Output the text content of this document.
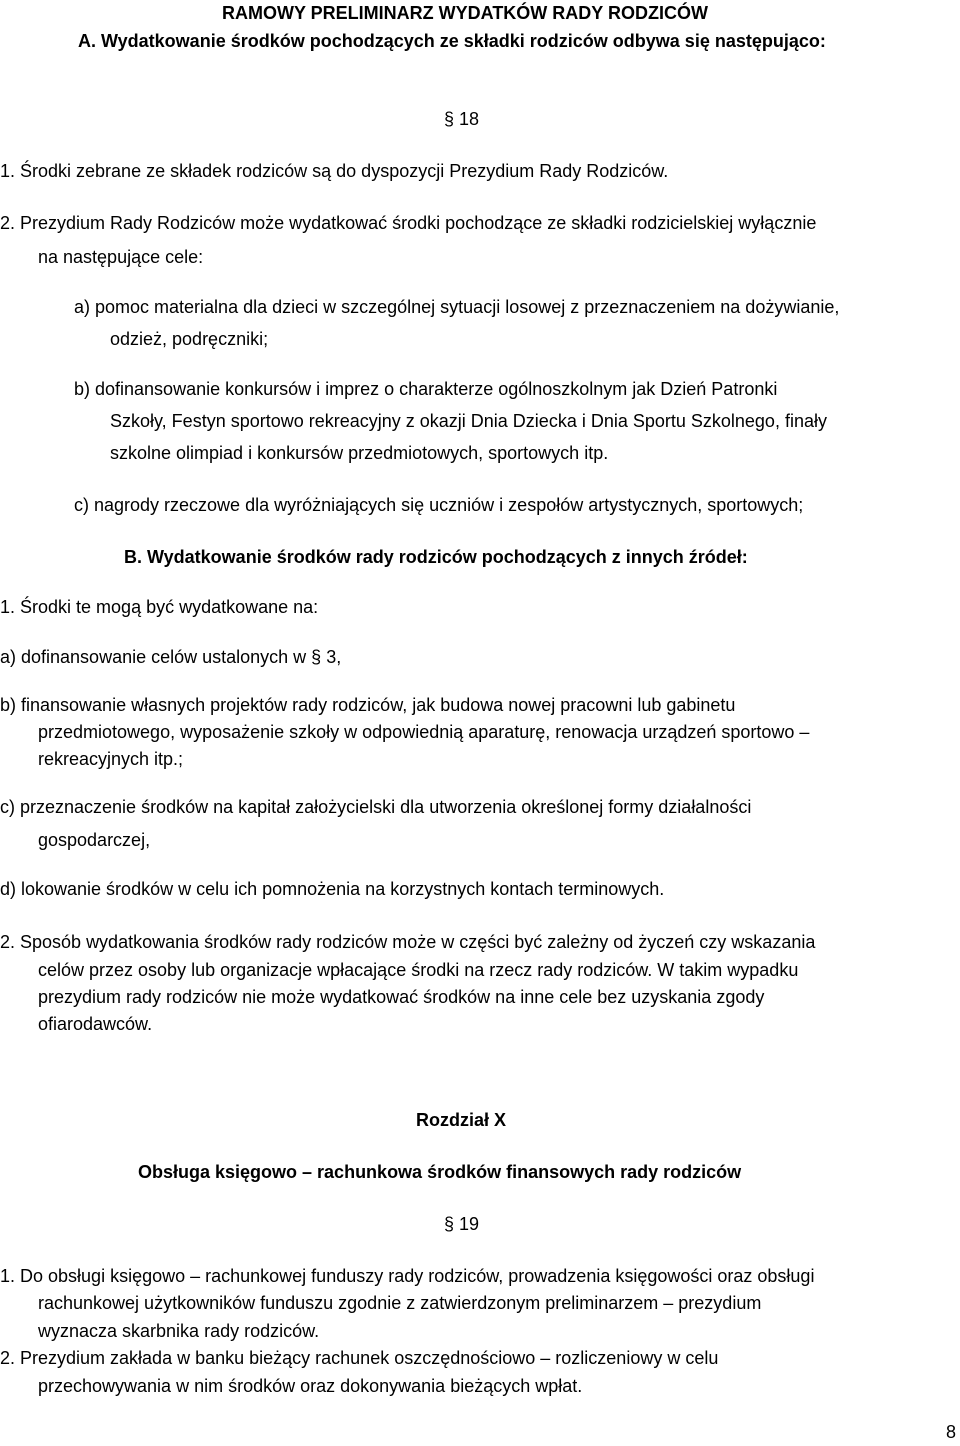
RAMOWY PRELIMINARZ WYDATKÓW RADY RODZICÓW
A. Wydatkowanie środków pochodzących ze składki rodziców odbywa się następująco:
§ 18
1. Środki zebrane ze składek rodziców są do dyspozycji Prezydium Rady Rodziców.
2. Prezydium Rady Rodziców może wydatkować środki pochodzące ze składki rodzicielskiej wyłącznie
na następujące cele:
a) pomoc materialna dla dzieci w szczególnej sytuacji losowej z przeznaczeniem na dożywianie,
odzież, podręczniki;
b) dofinansowanie konkursów i imprez o charakterze ogólnoszkolnym jak Dzień Patronki
Szkoły, Festyn sportowo rekreacyjny z okazji Dnia Dziecka i Dnia Sportu Szkolnego, finały
szkolne olimpiad i konkursów przedmiotowych, sportowych itp.
c) nagrody rzeczowe dla wyróżniających się uczniów i zespołów artystycznych, sportowych;
B. Wydatkowanie środków rady rodziców pochodzących z innych źródeł:
1. Środki te mogą być wydatkowane na:
a) dofinansowanie celów ustalonych w § 3,
b) finansowanie własnych projektów rady rodziców, jak budowa nowej pracowni lub gabinetu
przedmiotowego, wyposażenie szkoły w odpowiednią aparaturę, renowacja urządzeń sportowo –
rekreacyjnych itp.;
c) przeznaczenie środków na kapitał założycielski dla utworzenia określonej formy działalności
gospodarczej,
d) lokowanie środków w celu ich pomnożenia na korzystnych kontach terminowych.
2. Sposób wydatkowania środków rady rodziców może w części być zależny od życzeń czy wskazania
celów przez osoby lub organizacje wpłacające środki na rzecz rady rodziców. W takim wypadku
prezydium rady rodziców nie może wydatkować środków na inne cele bez uzyskania zgody
ofiarodawców.
Rozdział X
Obsługa księgowo – rachunkowa środków finansowych rady rodziców
§ 19
1. Do obsługi księgowo – rachunkowej funduszy rady rodziców, prowadzenia księgowości oraz obsługi
rachunkowej użytkowników funduszu zgodnie z zatwierdzonym preliminarzem – prezydium
wyznacza skarbnika rady rodziców.
2. Prezydium zakłada w banku bieżący rachunek oszczędnościowo – rozliczeniowy w celu
przechowywania w nim środków oraz dokonywania bieżących wpłat.
8
